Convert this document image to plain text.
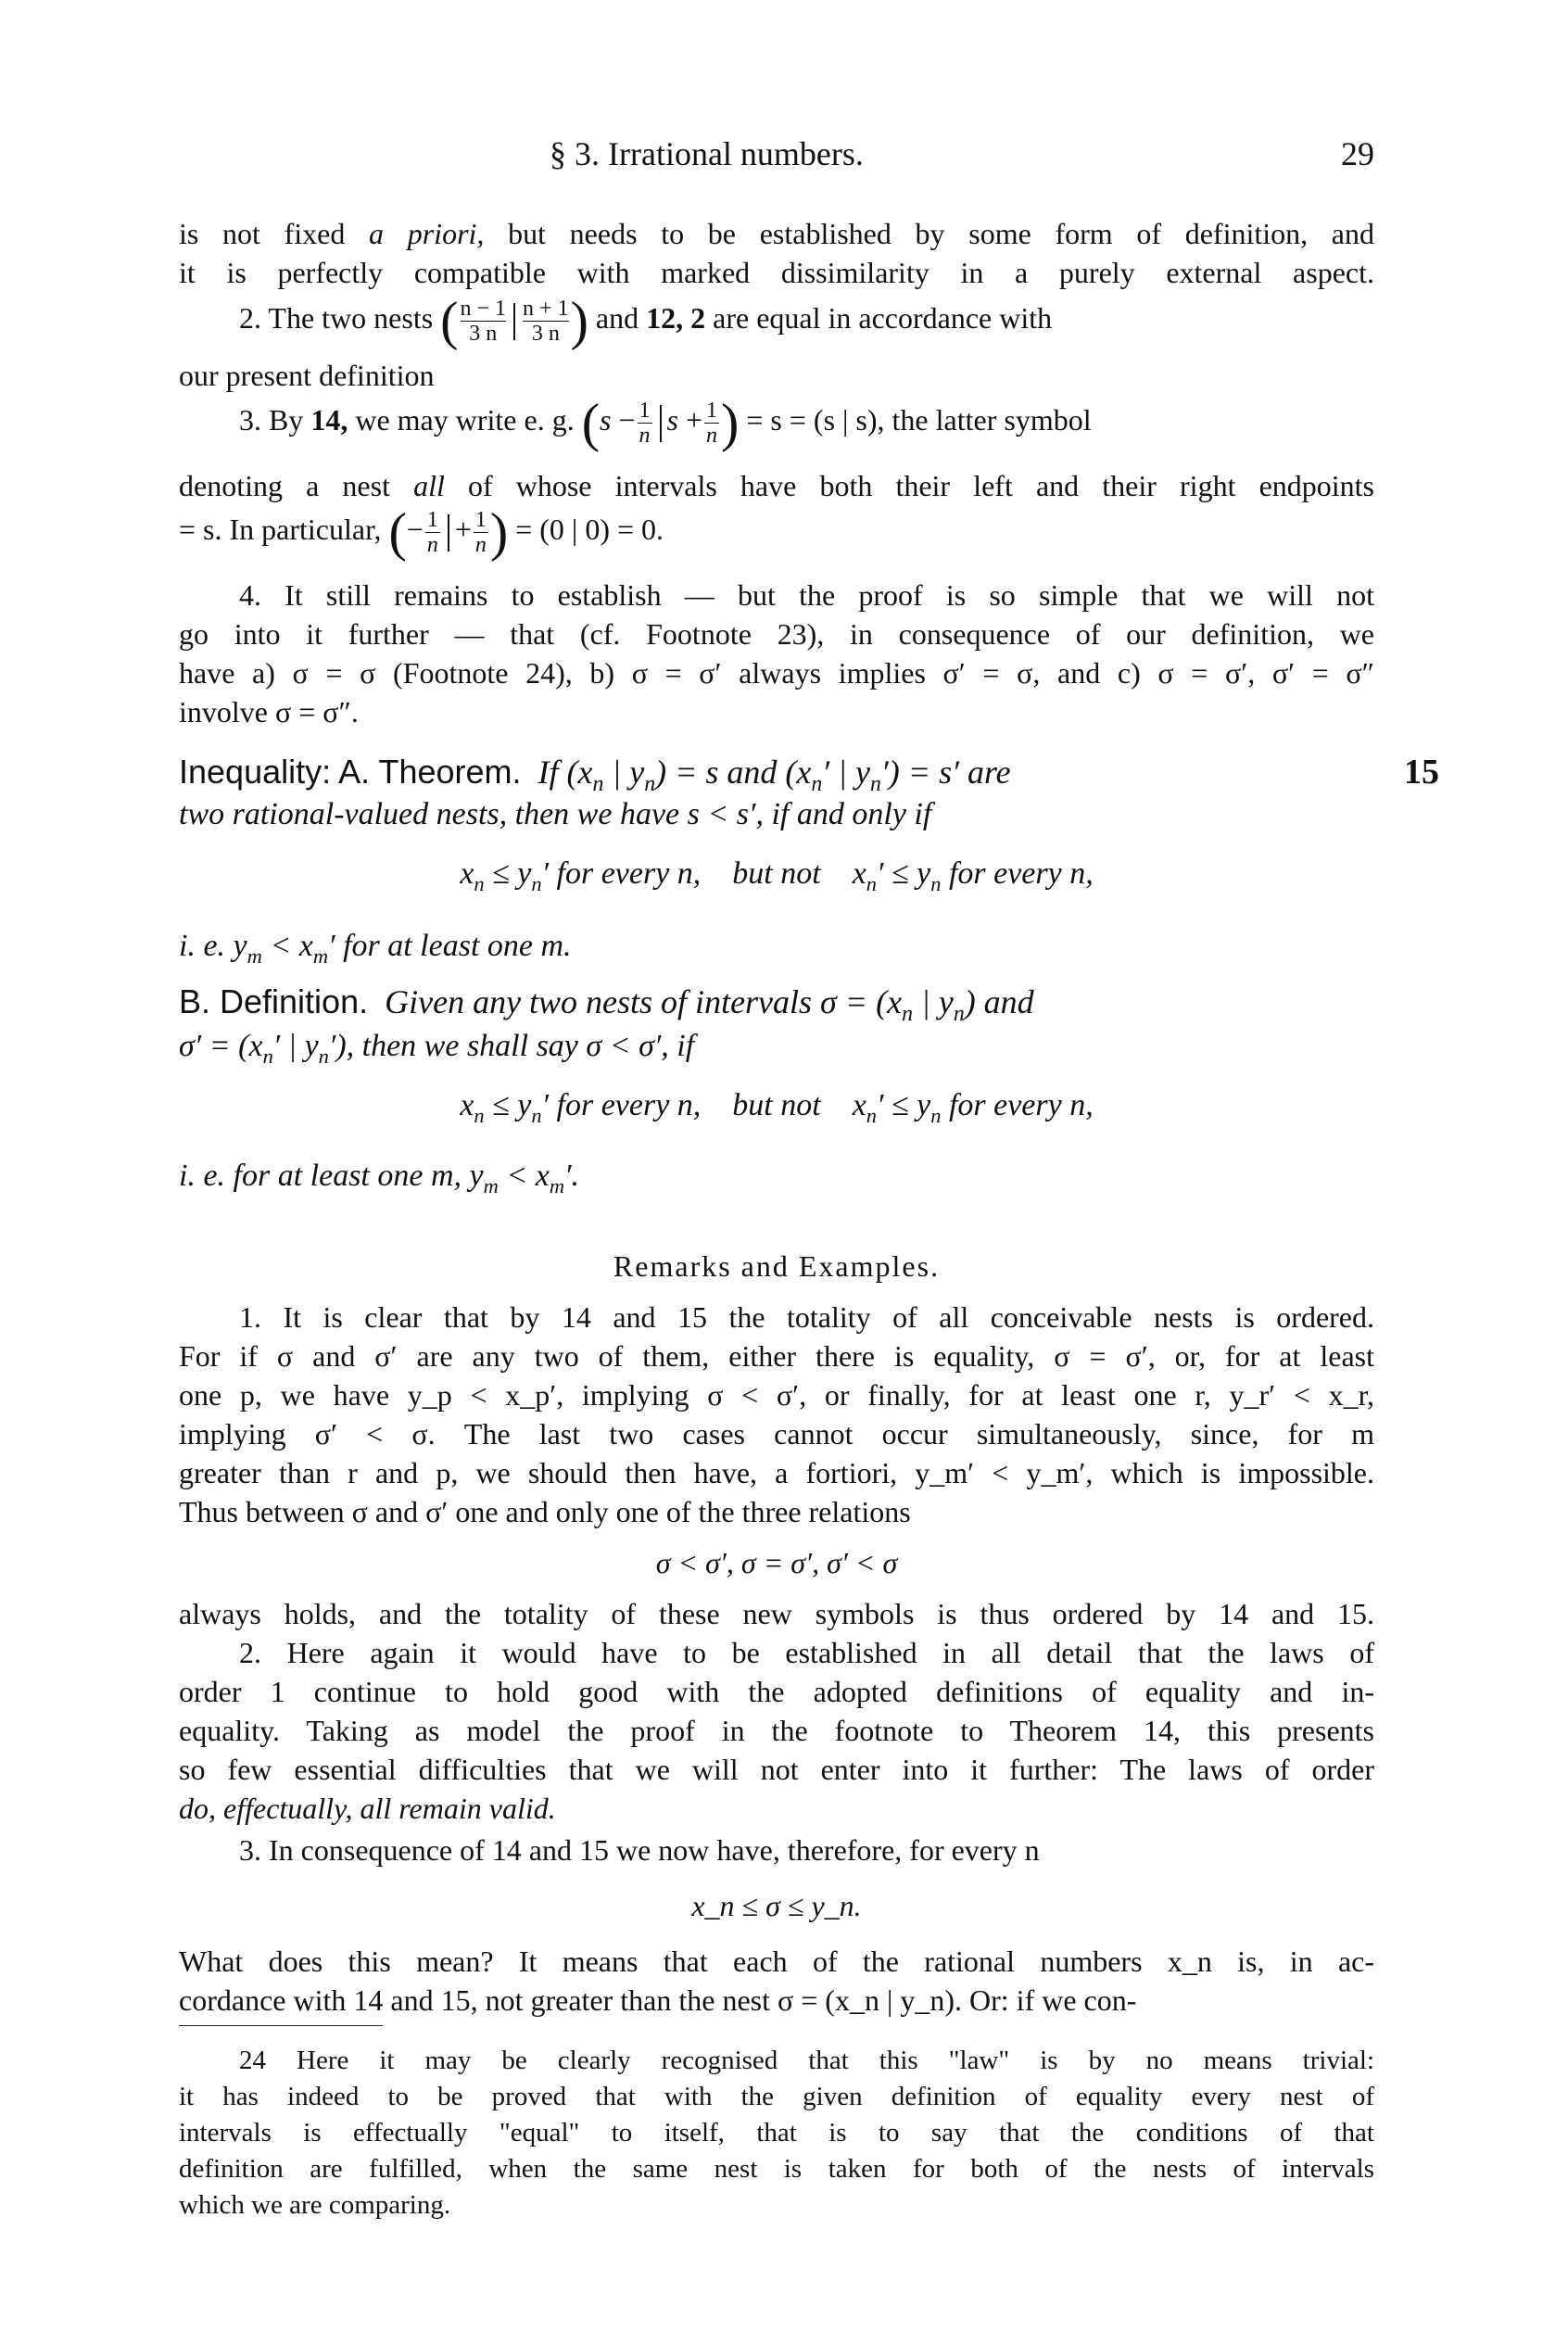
§ 3. Irrational numbers.	29
is not fixed a priori, but needs to be established by some form of definition, and
it is perfectly compatible with marked dissimilarity in a purely external aspect.
2. The two nests ( $\frac{n - 1}{3 n} \frac{n + 1}{3 n}$ ) and 12, 2 are equal in accordance with
our present definition
3. By 14, we may write e. g. ($s - \frac{1}{n}$ $s + \frac{1}{n}$ ) = s = (s | s), the latter symbol
denoting a nest all of whose intervals have both their left and their right endpoints
= s. In particular, (− $\frac{1}{n} + \frac{1}{n}$ ) = (0 | 0) = 0.
4. It still remains to establish — but the proof is so simple that we will not
go into it further — that (cf. Footnote 23), in consequence of our definition, we
have a) σ = σ (Footnote 24), b) σ = σ′ always implies σ′ = σ, and c) σ = σ′, σ′ = σ″
involve σ = σ″.
Inequality: A. Theorem. If ($x_n$ | $y_n) = s$ and ($x_n'$ | $y_n') = s'$ are	15
two rational-valued nests, then we have s < s′, if and only if
$x_n \le y_n'$ for every n, but not $x_n' \le y_n$ for every n,
i. e. $y_m < x_m'$ for at least one m.
B. Definition. Given any two nests of intervals $\sigma = (x_n$ | $y_n$) and
$\sigma' = (x_n'$ | $y_n'$), then we shall say σ < σ′, if
$x_n \le y_n'$ for every n, but not $x_n' \le y_n$ for every n,
i. e. for at least one m, $y_m < x_m'$.
Remarks and Examples.
1. It is clear that by 14 and 15 the totality of all conceivable nests is ordered.
For if σ and σ′ are any two of them, either there is equality, σ = σ′, or, for at least
one p, we have y_p < x_p′, implying σ < σ′, or finally, for at least one r, y_r′ < x_r,
implying σ′ < σ. The last two cases cannot occur simultaneously, since, for m
greater than r and p, we should then have, a fortiori, y_m′ < y_m′, which is impossible.
Thus between σ and σ′ one and only one of the three relations
σ < σ′, σ = σ′, σ′ < σ
always holds, and the totality of these new symbols is thus ordered by 14 and 15.
2. Here again it would have to be established in all detail that the laws of
order 1 continue to hold good with the adopted definitions of equality and in-
equality. Taking as model the proof in the footnote to Theorem 14, this presents
so few essential difficulties that we will not enter into it further: The laws of order
do, effectually, all remain valid.
3. In consequence of 14 and 15 we now have, therefore, for every n
x_n ≤ σ ≤ y_n.
What does this mean? It means that each of the rational numbers x_n is, in ac-
cordance with 14 and 15, not greater than the nest σ = (x_n | y_n). Or: if we con-
24 Here it may be clearly recognised that this "law" is by no means trivial:
it has indeed to be proved that with the given definition of equality every nest of
intervals is effectually "equal" to itself, that is to say that the conditions of that
definition are fulfilled, when the same nest is taken for both of the nests of intervals
which we are comparing.
